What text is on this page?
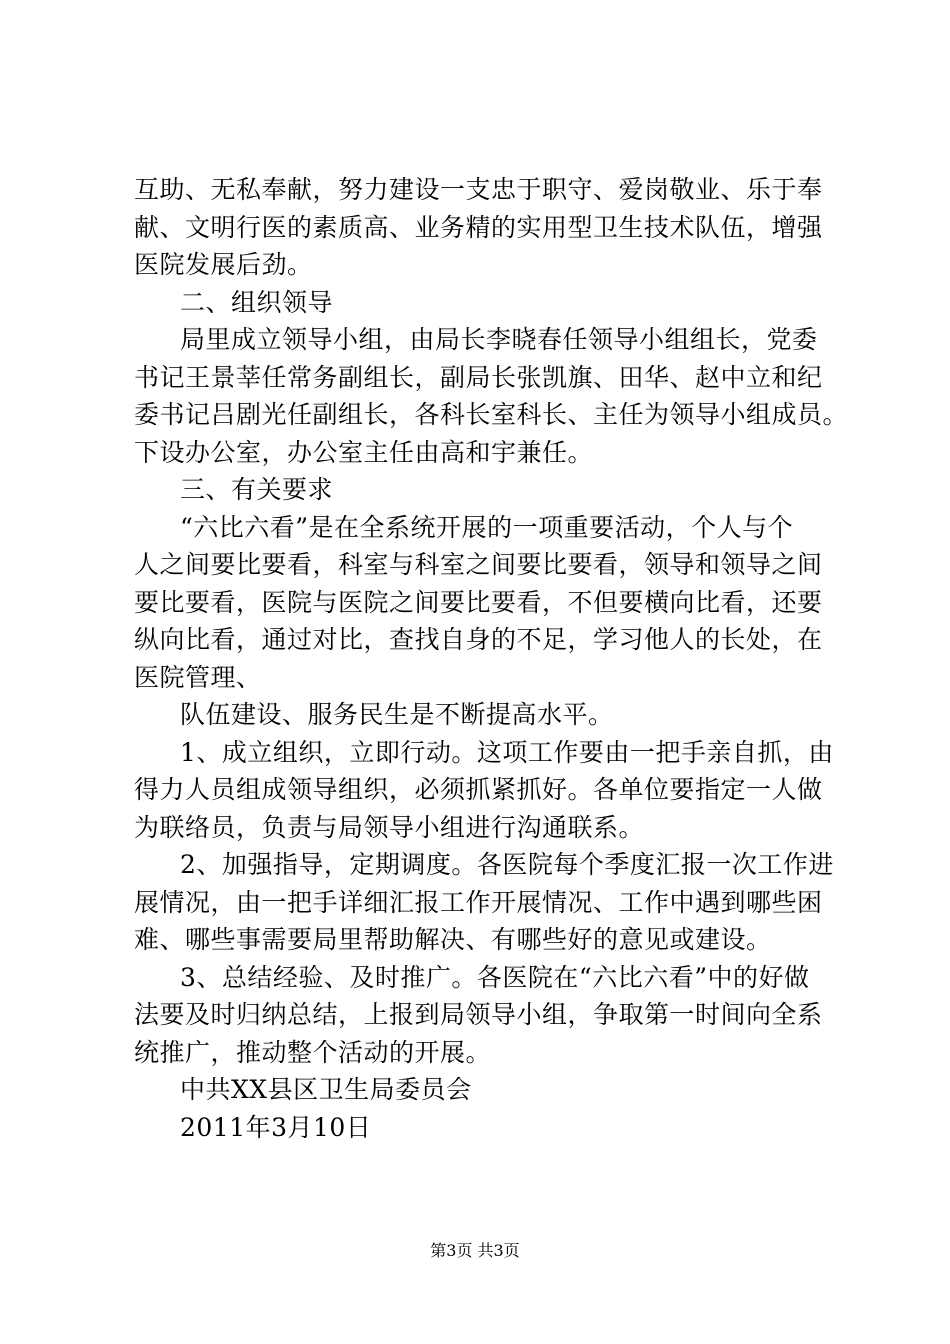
互助、无私奉献，努力建设一支忠于职守、爱岗敬业、乐于奉
献、文明行医的素质高、业务精的实用型卫生技术队伍，增强
医院发展后劲。
二、组织领导
局里成立领导小组，由局长李晓春任领导小组组长，党委
书记王景莘任常务副组长，副局长张凯旗、田华、赵中立和纪
委书记吕剧光任副组长，各科长室科长、主任为领导小组成员。
下设办公室，办公室主任由高和宇兼任。
三、有关要求
“六比六看”是在全系统开展的一项重要活动，个人与个
人之间要比要看，科室与科室之间要比要看，领导和领导之间
要比要看，医院与医院之间要比要看，不但要横向比看，还要
纵向比看，通过对比，查找自身的不足，学习他人的长处，在
医院管理、
队伍建设、服务民生是不断提高水平。
1、成立组织，立即行动。这项工作要由一把手亲自抓，由
得力人员组成领导组织，必须抓紧抓好。各单位要指定一人做
为联络员，负责与局领导小组进行沟通联系。
2、加强指导，定期调度。各医院每个季度汇报一次工作进
展情况，由一把手详细汇报工作开展情况、工作中遇到哪些困
难、哪些事需要局里帮助解决、有哪些好的意见或建设。
3、总结经验、及时推广。各医院在“六比六看”中的好做
法要及时归纳总结，上报到局领导小组，争取第一时间向全系
统推广，推动整个活动的开展。
中共XX县区卫生局委员会
2011年3月10日
第3页 共3页
